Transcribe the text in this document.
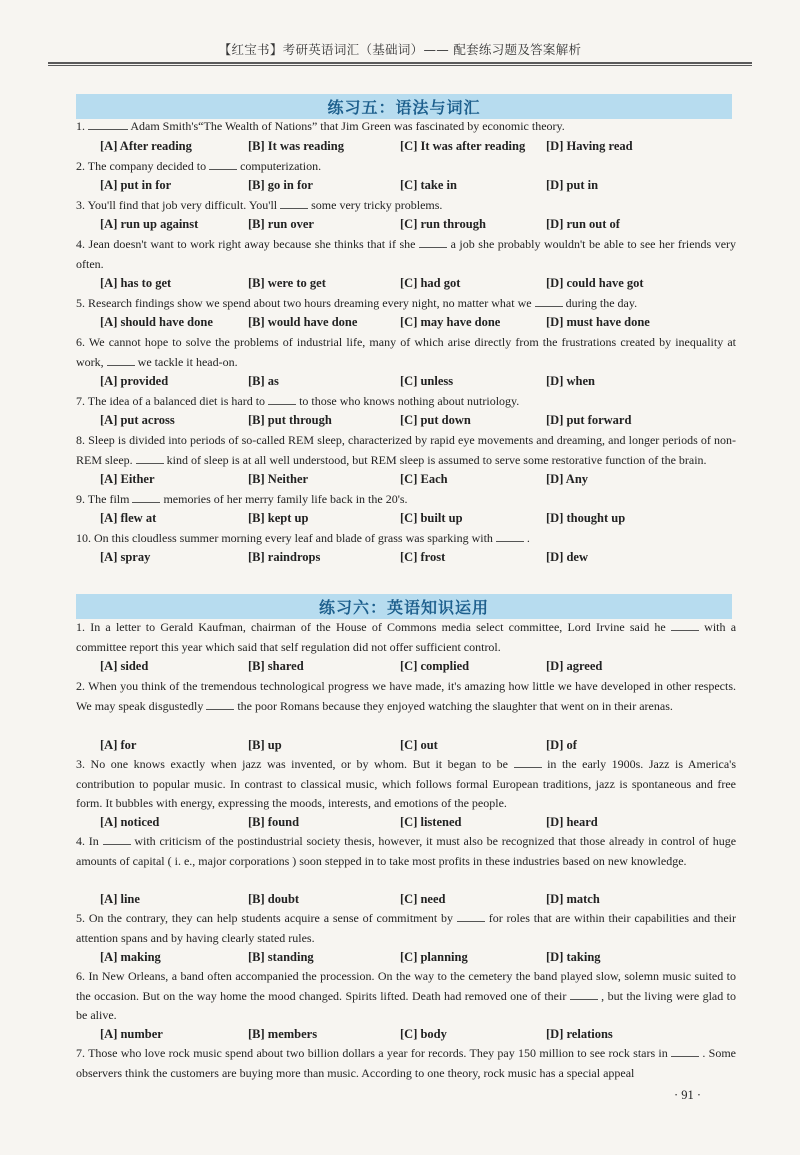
【红宝书】考研英语词汇（基础词）—— 配套练习题及答案解析
练习五：语法与词汇
1.	Adam Smith's“The Wealth of Nations” that Jim Green was fascinated by economic theory.
[A] After reading	[B] It was reading	[C] It was after reading [D] Having read
2. The company decided to	computerization.
[A] put in for	[B] go in for	[C] take in	[D] put in
3. You'll find that job very difficult. You'll	some very tricky problems.
[A] run up against	[B] run over	[C] run through	[D] run out of
4. Jean doesn't want to work right away because she thinks that if she	a job she probably wouldn't be able to see her friends very often.
[A] has to get	[B] were to get	[C] had got	[D] could have got
5. Research findings show we spend about two hours dreaming every night, no matter what we	during the day.
[A] should have done	[B] would have done	[C] may have done	[D] must have done
6. We cannot hope to solve the problems of industrial life, many of which arise directly from the frustrations created by inequality at work,	we tackle it head-on.
[A] provided	[B] as	[C] unless	[D] when
7. The idea of a balanced diet is hard to	to those who knows nothing about nutriology.
[A] put across	[B] put through	[C] put down	[D] put forward
8. Sleep is divided into periods of so-called REM sleep, characterized by rapid eye movements and dreaming, and longer periods of non-REM sleep.	kind of sleep is at all well understood, but REM sleep is assumed to serve some restorative function of the brain.
[A] Either	[B] Neither	[C] Each	[D] Any
9. The film	memories of her merry family life back in the 20's.
[A] flew at	[B] kept up	[C] built up	[D] thought up
10. On this cloudless summer morning every leaf and blade of grass was sparking with	.
[A] spray	[B] raindrops	[C] frost	[D] dew
练习六：英语知识运用
1. In a letter to Gerald Kaufman, chairman of the House of Commons media select committee, Lord Irvine said he	with a committee report this year which said that self regulation did not offer sufficient control.
[A] sided	[B] shared	[C] complied	[D] agreed
2. When you think of the tremendous technological progress we have made, it's amazing how little we have developed in other respects. We may speak disgustedly	the poor Romans because they enjoyed watching the slaughter that went on in their arenas.
[A] for	[B] up	[C] out	[D] of
3. No one knows exactly when jazz was invented, or by whom. But it began to be	in the early 1900s. Jazz is America's contribution to popular music. In contrast to classical music, which follows formal European traditions, jazz is spontaneous and free form. It bubbles with energy, expressing the moods, interests, and emotions of the people.
[A] noticed	[B] found	[C] listened	[D] heard
4. In	with criticism of the postindustrial society thesis, however, it must also be recognized that those already in control of huge amounts of capital ( i. e., major corporations ) soon stepped in to take most profits in these industries based on new knowledge.
[A] line	[B] doubt	[C] need	[D] match
5. On the contrary, they can help students acquire a sense of commitment by	for roles that are within their capabilities and their attention spans and by having clearly stated rules.
[A] making	[B] standing	[C] planning	[D] taking
6. In New Orleans, a band often accompanied the procession. On the way to the cemetery the band played slow, solemn music suited to the occasion. But on the way home the mood changed. Spirits lifted. Death had removed one of their	, but the living were glad to be alive.
[A] number	[B] members	[C] body	[D] relations
7. Those who love rock music spend about two billion dollars a year for records. They pay 150 million to see rock stars in	. Some observers think the customers are buying more than music. According to one theory, rock music has a special appeal
· 91 ·
